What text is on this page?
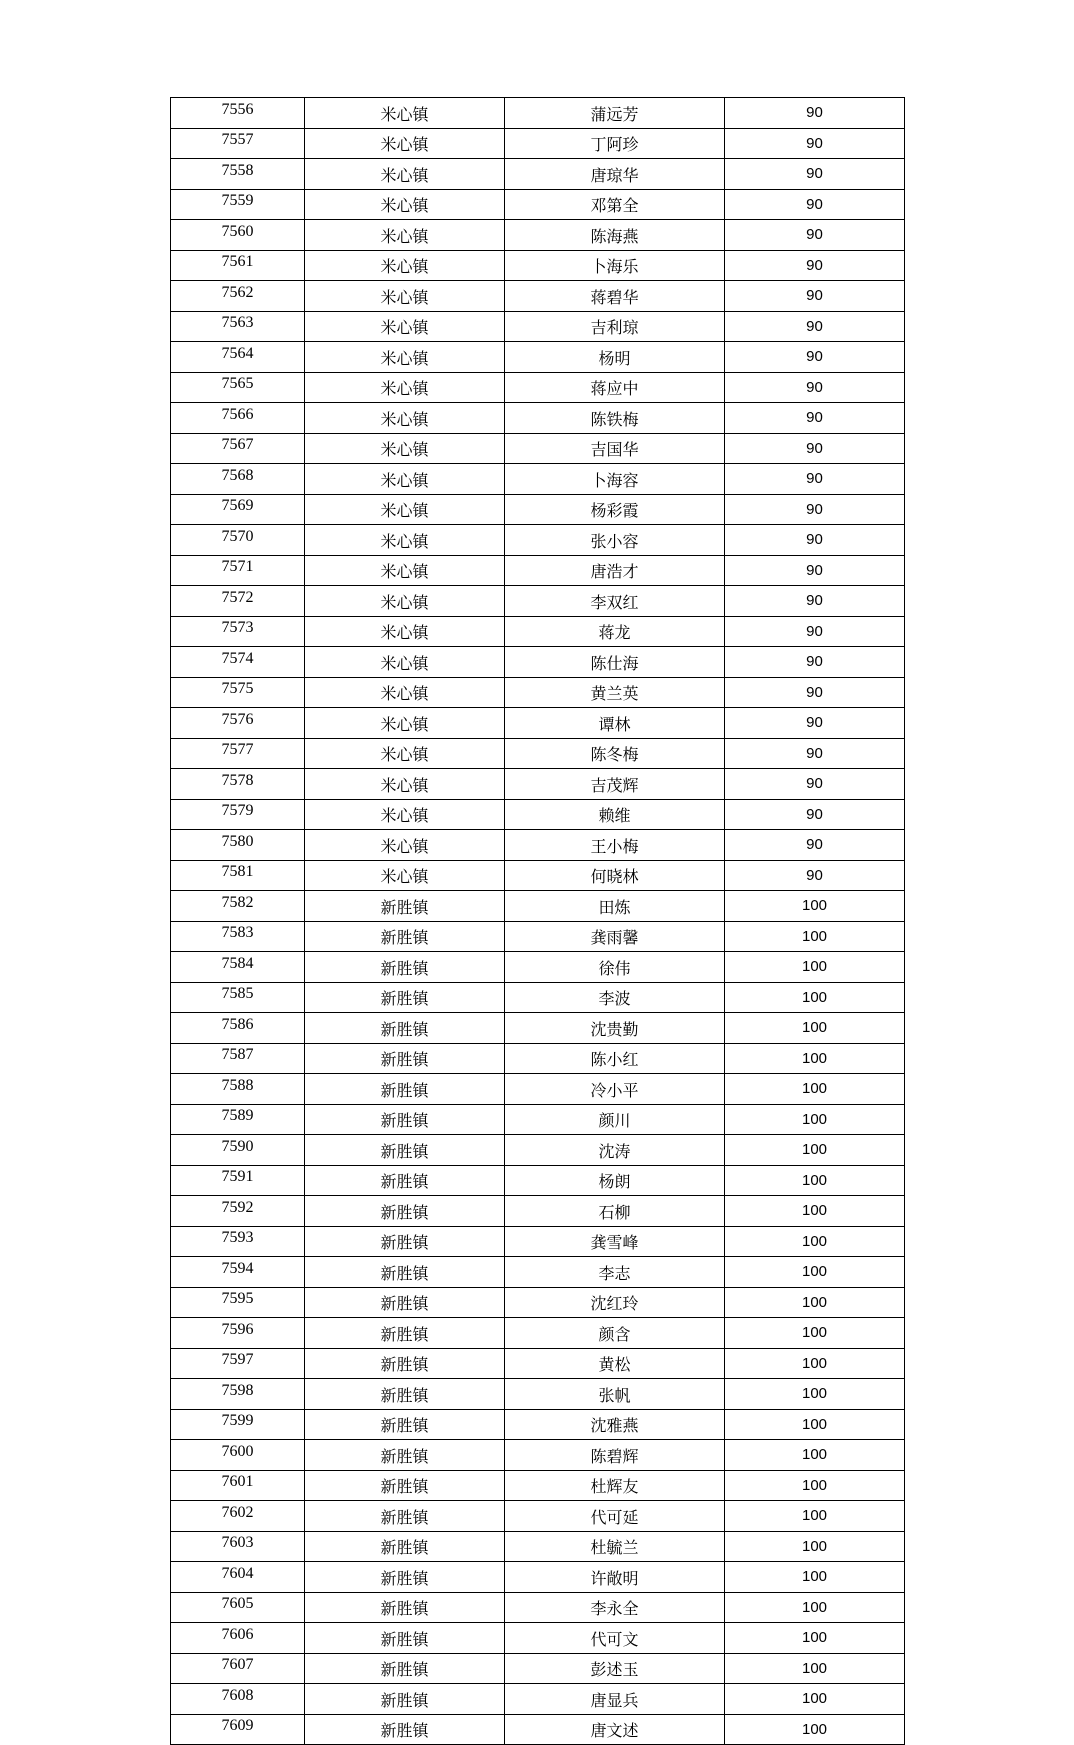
7556	米心镇	蒲远芳	90
7557	米心镇	丁阿珍	90
7558	米心镇	唐琼华	90
7559	米心镇	邓第全	90
7560	米心镇	陈海燕	90
7561	米心镇	卜海乐	90
7562	米心镇	蒋碧华	90
7563	米心镇	吉利琼	90
7564	米心镇	杨明	90
7565	米心镇	蒋应中	90
7566	米心镇	陈铁梅	90
7567	米心镇	吉国华	90
7568	米心镇	卜海容	90
7569	米心镇	杨彩霞	90
7570	米心镇	张小容	90
7571	米心镇	唐浩才	90
7572	米心镇	李双红	90
7573	米心镇	蒋龙	90
7574	米心镇	陈仕海	90
7575	米心镇	黄兰英	90
7576	米心镇	谭林	90
7577	米心镇	陈冬梅	90
7578	米心镇	吉茂辉	90
7579	米心镇	赖维	90
7580	米心镇	王小梅	90
7581	米心镇	何晓林	90
7582	新胜镇	田炼	100
7583	新胜镇	龚雨馨	100
7584	新胜镇	徐伟	100
7585	新胜镇	李波	100
7586	新胜镇	沈贵勤	100
7587	新胜镇	陈小红	100
7588	新胜镇	冷小平	100
7589	新胜镇	颜川	100
7590	新胜镇	沈涛	100
7591	新胜镇	杨朗	100
7592	新胜镇	石柳	100
7593	新胜镇	龚雪峰	100
7594	新胜镇	李志	100
7595	新胜镇	沈红玲	100
7596	新胜镇	颜含	100
7597	新胜镇	黄松	100
7598	新胜镇	张帆	100
7599	新胜镇	沈雅燕	100
7600	新胜镇	陈碧辉	100
7601	新胜镇	杜辉友	100
7602	新胜镇	代可延	100
7603	新胜镇	杜毓兰	100
7604	新胜镇	许敞明	100
7605	新胜镇	李永全	100
7606	新胜镇	代可文	100
7607	新胜镇	彭述玉	100
7608	新胜镇	唐显兵	100
7609	新胜镇	唐文述	100
